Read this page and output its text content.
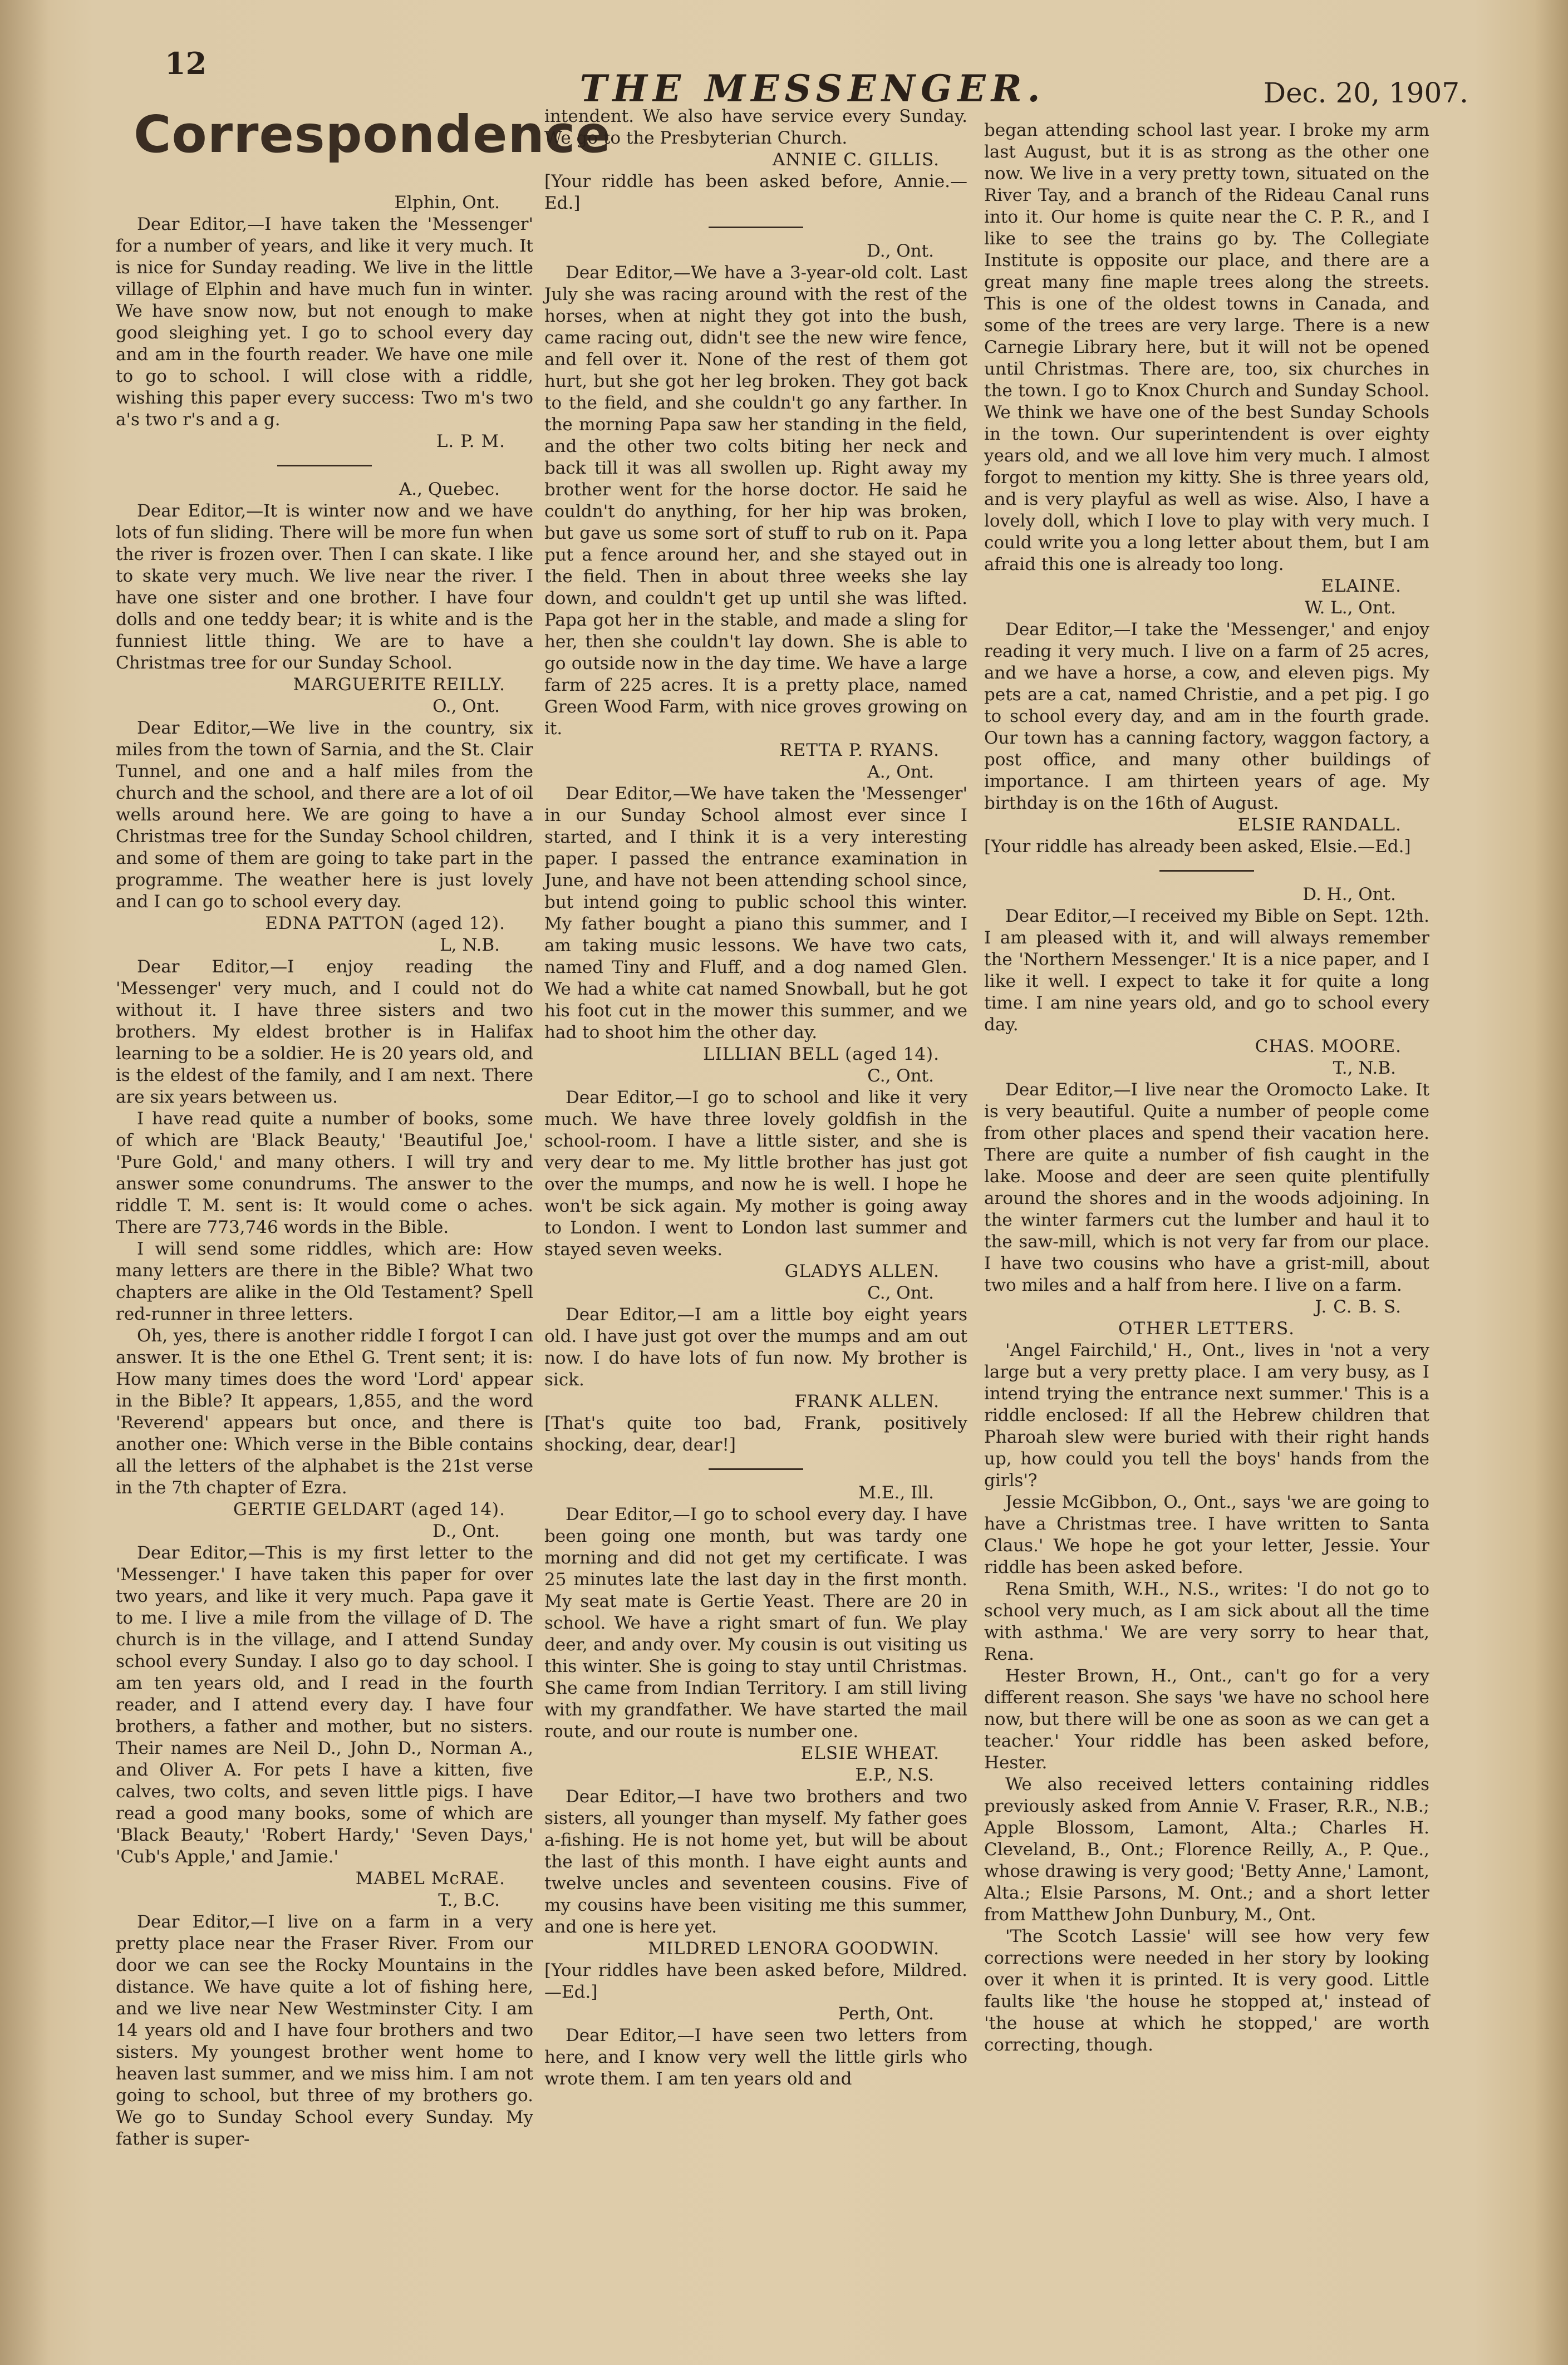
12
THE MESSENGER.	Dec. 20, 1907.
Correspondence

Elphin, Ont.

Dear Editor,—I have taken the 'Messenger' for a number of years, and like it very much. It is nice for Sunday reading. We live in the little village of Elphin and have much fun in winter. We have snow now, but not enough to make good sleighing yet. I go to school every day and am in the fourth reader. We have one mile to go to school. I will close with a riddle, wishing this paper every success: Two m's two a's two r's and a g.

L. P. M.

A., Quebec.

Dear Editor,—It is winter now and we have lots of fun sliding. There will be more fun when the river is frozen over. Then I can skate. I like to skate very much. We live near the river. I have one sister and one brother. I have four dolls and one teddy bear; it is white and is the funniest little thing. We are to have a Christmas tree for our Sunday School.

MARGUERITE REILLY.

O., Ont.

Dear Editor,—We live in the country, six miles from the town of Sarnia, and the St. Clair Tunnel, and one and a half miles from the church and the school, and there are a lot of oil wells around here. We are going to have a Christmas tree for the Sunday School children, and some of them are going to take part in the programme. The weather here is just lovely and I can go to school every day.

EDNA PATTON (aged 12).

L, N.B.

Dear Editor,—I enjoy reading the 'Messenger' very much, and I could not do without it. I have three sisters and two brothers. My eldest brother is in Halifax learning to be a soldier. He is 20 years old, and is the eldest of the family, and I am next. There are six years between us.

I have read quite a number of books, some of which are 'Black Beauty,' 'Beautiful Joe,' 'Pure Gold,' and many others. I will try and answer some conundrums. The answer to the riddle T. M. sent is: It would come o aches. There are 773,746 words in the Bible.

I will send some riddles, which are: How many letters are there in the Bible? What two chapters are alike in the Old Testament? Spell red-runner in three letters.

Oh, yes, there is another riddle I forgot I can answer. It is the one Ethel G. Trent sent; it is: How many times does the word 'Lord' appear in the Bible? It appears, 1,855, and the word 'Reverend' appears but once, and there is another one: Which verse in the Bible contains all the letters of the alphabet is the 21st verse in the 7th chapter of Ezra.

GERTIE GELDART (aged 14).

D., Ont.

Dear Editor,—This is my first letter to the 'Messenger.' I have taken this paper for over two years, and like it very much. Papa gave it to me. I live a mile from the village of D. The church is in the village, and I attend Sunday school every Sunday. I also go to day school. I am ten years old, and I read in the fourth reader, and I attend every day. I have four brothers, a father and mother, but no sisters. Their names are Neil D., John D., Norman A., and Oliver A. For pets I have a kitten, five calves, two colts, and seven little pigs. I have read a good many books, some of which are 'Black Beauty,' 'Robert Hardy,' 'Seven Days,' 'Cub's Apple,' and Jamie.'

MABEL McRAE.

T., B.C.

Dear Editor,—I live on a farm in a very pretty place near the Fraser River. From our door we can see the Rocky Mountains in the distance. We have quite a lot of fishing here, and we live near New Westminster City. I am 14 years old and I have four brothers and two sisters. My youngest brother went home to heaven last summer, and we miss him. I am not going to school, but three of my brothers go. We go to Sunday School every Sunday. My father is super-

intendent. We also have service every Sunday. We go to the Presbyterian Church.

ANNIE C. GILLIS.

[Your riddle has been asked before, Annie.—Ed.]

D., Ont.

Dear Editor,—We have a 3-year-old colt. Last July she was racing around with the rest of the horses, when at night they got into the bush, came racing out, didn't see the new wire fence, and fell over it. None of the rest of them got hurt, but she got her leg broken. They got back to the field, and she couldn't go any farther. In the morning Papa saw her standing in the field, and the other two colts biting her neck and back till it was all swollen up. Right away my brother went for the horse doctor. He said he couldn't do anything, for her hip was broken, but gave us some sort of stuff to rub on it. Papa put a fence around her, and she stayed out in the field. Then in about three weeks she lay down, and couldn't get up until she was lifted. Papa got her in the stable, and made a sling for her, then she couldn't lay down. She is able to go outside now in the day time. We have a large farm of 225 acres. It is a pretty place, named Green Wood Farm, with nice groves growing on it.

RETTA P. RYANS.

A., Ont.

Dear Editor,—We have taken the 'Messenger' in our Sunday School almost ever since I started, and I think it is a very interesting paper. I passed the entrance examination in June, and have not been attending school since, but intend going to public school this winter. My father bought a piano this summer, and I am taking music lessons. We have two cats, named Tiny and Fluff, and a dog named Glen. We had a white cat named Snowball, but he got his foot cut in the mower this summer, and we had to shoot him the other day.

LILLIAN BELL (aged 14).

C., Ont.

Dear Editor,—I go to school and like it very much. We have three lovely goldfish in the school-room. I have a little sister, and she is very dear to me. My little brother has just got over the mumps, and now he is well. I hope he won't be sick again. My mother is going away to London. I went to London last summer and stayed seven weeks.

GLADYS ALLEN.

C., Ont.

Dear Editor,—I am a little boy eight years old. I have just got over the mumps and am out now. I do have lots of fun now. My brother is sick.

FRANK ALLEN.

[That's quite too bad, Frank, positively shocking, dear, dear!]

M.E., Ill.

Dear Editor,—I go to school every day. I have been going one month, but was tardy one morning and did not get my certificate. I was 25 minutes late the last day in the first month. My seat mate is Gertie Yeast. There are 20 in school. We have a right smart of fun. We play deer, and andy over. My cousin is out visiting us this winter. She is going to stay until Christmas. She came from Indian Territory. I am still living with my grandfather. We have started the mail route, and our route is number one.

ELSIE WHEAT.

E.P., N.S.

Dear Editor,—I have two brothers and two sisters, all younger than myself. My father goes a-fishing. He is not home yet, but will be about the last of this month. I have eight aunts and twelve uncles and seventeen cousins. Five of my cousins have been visiting me this summer, and one is here yet.

MILDRED LENORA GOODWIN.

[Your riddles have been asked before, Mildred.—Ed.]

Perth, Ont.

Dear Editor,—I have seen two letters from here, and I know very well the little girls who wrote them. I am ten years old and

began attending school last year. I broke my arm last August, but it is as strong as the other one now. We live in a very pretty town, situated on the River Tay, and a branch of the Rideau Canal runs into it. Our home is quite near the C. P. R., and I like to see the trains go by. The Collegiate Institute is opposite our place, and there are a great many fine maple trees along the streets. This is one of the oldest towns in Canada, and some of the trees are very large. There is a new Carnegie Library here, but it will not be opened until Christmas. There are, too, six churches in the town. I go to Knox Church and Sunday School. We think we have one of the best Sunday Schools in the town. Our superintendent is over eighty years old, and we all love him very much. I almost forgot to mention my kitty. She is three years old, and is very playful as well as wise. Also, I have a lovely doll, which I love to play with very much. I could write you a long letter about them, but I am afraid this one is already too long.

ELAINE.

W. L., Ont.

Dear Editor,—I take the 'Messenger,' and enjoy reading it very much. I live on a farm of 25 acres, and we have a horse, a cow, and eleven pigs. My pets are a cat, named Christie, and a pet pig. I go to school every day, and am in the fourth grade. Our town has a canning factory, waggon factory, a post office, and many other buildings of importance. I am thirteen years of age. My birthday is on the 16th of August.

ELSIE RANDALL.

[Your riddle has already been asked, Elsie.—Ed.]

D. H., Ont.

Dear Editor,—I received my Bible on Sept. 12th. I am pleased with it, and will always remember the 'Northern Messenger.' It is a nice paper, and I like it well. I expect to take it for quite a long time. I am nine years old, and go to school every day.

CHAS. MOORE.

T., N.B.

Dear Editor,—I live near the Oromocto Lake. It is very beautiful. Quite a number of people come from other places and spend their vacation here. There are quite a number of fish caught in the lake. Moose and deer are seen quite plentifully around the shores and in the woods adjoining. In the winter farmers cut the lumber and haul it to the saw-mill, which is not very far from our place. I have two cousins who have a grist-mill, about two miles and a half from here. I live on a farm.

J. C. B. S.

OTHER LETTERS.

'Angel Fairchild,' H., Ont., lives in 'not a very large but a very pretty place. I am very busy, as I intend trying the entrance next summer.' This is a riddle enclosed: If all the Hebrew children that Pharoah slew were buried with their right hands up, how could you tell the boys' hands from the girls'?

Jessie McGibbon, O., Ont., says 'we are going to have a Christmas tree. I have written to Santa Claus.' We hope he got your letter, Jessie. Your riddle has been asked before.

Rena Smith, W.H., N.S., writes: 'I do not go to school very much, as I am sick about all the time with asthma.' We are very sorry to hear that, Rena.

Hester Brown, H., Ont., can't go for a very different reason. She says 'we have no school here now, but there will be one as soon as we can get a teacher.' Your riddle has been asked before, Hester.

We also received letters containing riddles previously asked from Annie V. Fraser, R.R., N.B.; Apple Blossom, Lamont, Alta.; Charles H. Cleveland, B., Ont.; Florence Reilly, A., P. Que., whose drawing is very good; 'Betty Anne,' Lamont, Alta.; Elsie Parsons, M. Ont.; and a short letter from Matthew John Dunbury, M., Ont.

'The Scotch Lassie' will see how very few corrections were needed in her story by looking over it when it is printed. It is very good. Little faults like 'the house he stopped at,' instead of 'the house at which he stopped,' are worth correcting, though.
